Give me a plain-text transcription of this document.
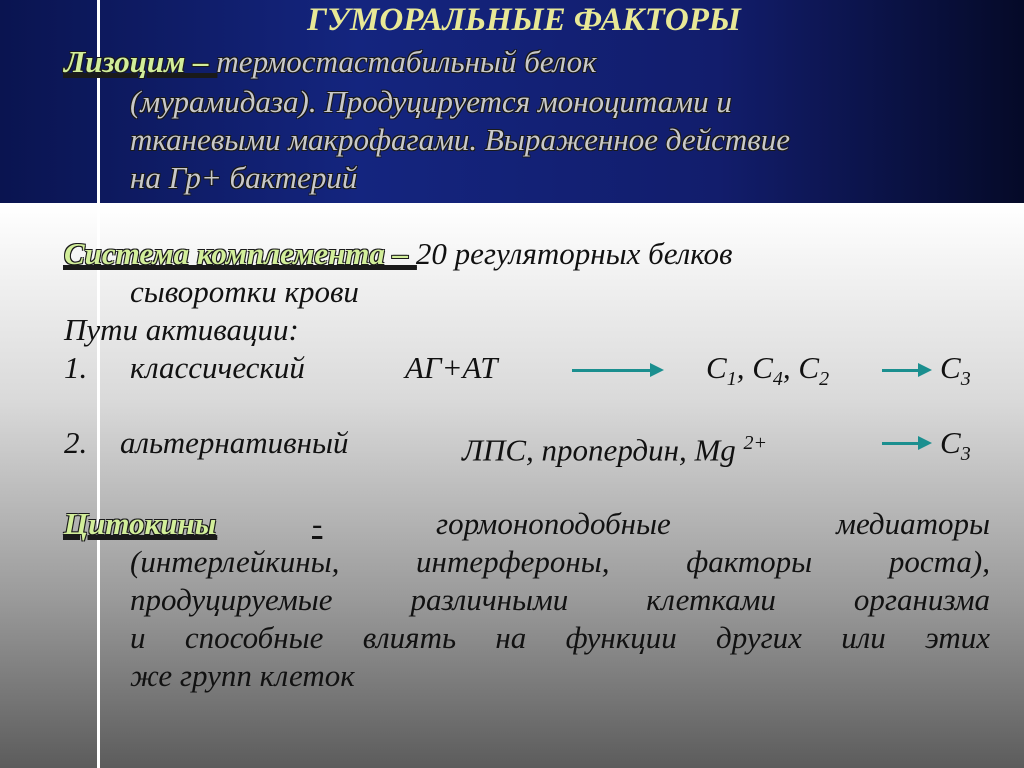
ГУМОРАЛЬНЫЕ ФАКТОРЫ
Лизоцим – термостастабильный белок
(мурамидаза). Продуцируется моноцитами и
тканевыми макрофагами. Выраженное действие
на Гр+ бактерий
Система комплемента – 20 регуляторных белков
сыворотки крови
Пути активации:
1. классический	АГ+АТ	$С_1$, $С_4$, $С_2$	$С_3$
2. альтернативный	ЛПС, пропердин, Mg $^{2+}$	$С_3$
Цитокины	-	гормоноподобные медиаторы
(интерлейкины, интерфероны, факторы роста),
продуцируемые различными клетками организма
и способные влиять на функции других или этих
же групп клеток
